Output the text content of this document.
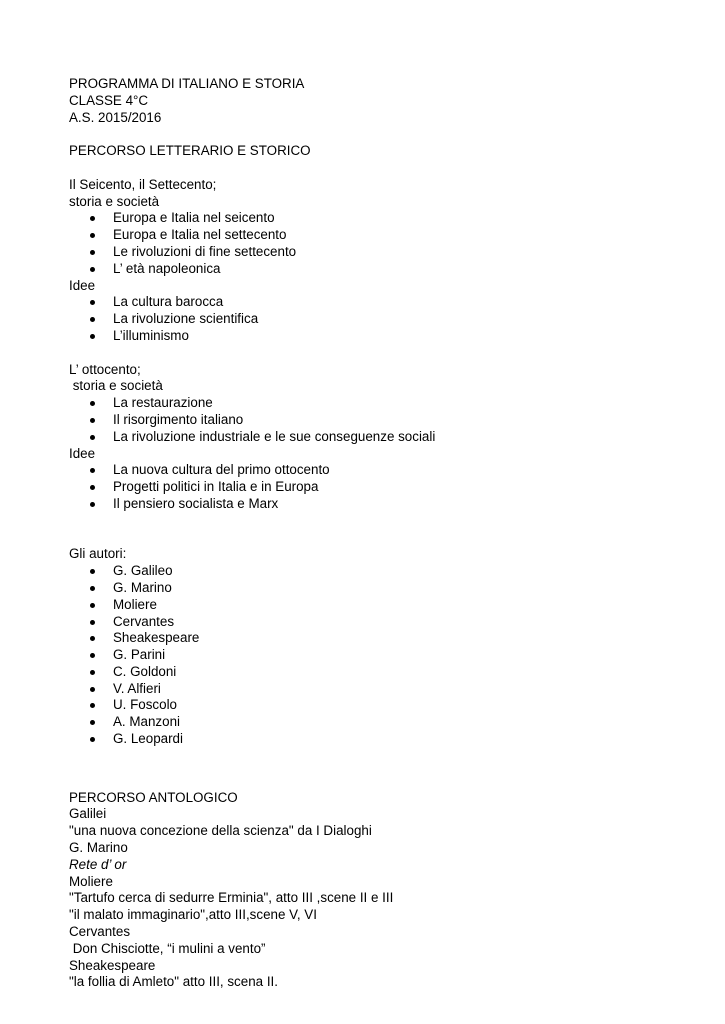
PROGRAMMA DI ITALIANO E STORIA
CLASSE 4°C
A.S. 2015/2016
PERCORSO LETTERARIO E STORICO
Il Seicento, il Settecento;
storia e società
Europa e Italia nel seicento
Europa e Italia nel settecento
Le rivoluzioni di fine settecento
L’ età napoleonica
Idee
La cultura barocca
La rivoluzione scientifica
L’illuminismo
L’ ottocento;
storia e società
La restaurazione
Il risorgimento italiano
La rivoluzione industriale e le sue conseguenze sociali
Idee
La nuova cultura del primo ottocento
Progetti politici in Italia e in Europa
Il pensiero socialista e Marx
Gli autori:
G. Galileo
G. Marino
Moliere
Cervantes
Sheakespeare
G. Parini
C. Goldoni
V. Alfieri
U. Foscolo
A. Manzoni
G. Leopardi
PERCORSO ANTOLOGICO
Galilei
"una nuova concezione della scienza" da I Dialoghi
G. Marino
Rete d’ or
Moliere
"Tartufo cerca di sedurre Erminia", atto III ,scene II e III
"il malato immaginario",atto III,scene V, VI
Cervantes
Don Chisciotte, “i mulini a vento”
Sheakespeare
"la follia di Amleto" atto III, scena II.
